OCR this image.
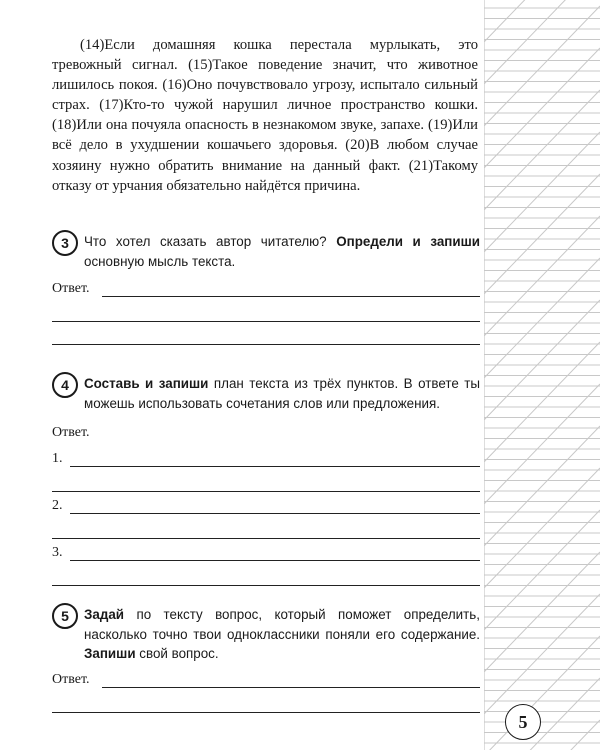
(14)Если домашняя кошка перестала мурлыкать, это тревожный сигнал. (15)Такое поведение значит, что животное лишилось покоя. (16)Оно почувствовало угрозу, испытало сильный страх. (17)Кто-то чужой нарушил личное пространство кошки. (18)Или она почуяла опасность в незнакомом звуке, запахе. (19)Или всё дело в ухудшении кошачьего здоровья. (20)В любом случае хозяину нужно обратить внимание на данный факт. (21)Такому отказу от урчания обязательно найдётся причина.

3	Что хотел сказать автор читателю? Определи и запиши основную мысль текста.
Ответ.
4	Составь и запиши план текста из трёх пунктов. В ответе ты можешь использовать сочетания слов или предложения.
Ответ.
1.
2.
3.
5	Задай по тексту вопрос, который поможет определить, насколько точно твои одноклассники поняли его содержание. Запиши свой вопрос.
Ответ.
5
